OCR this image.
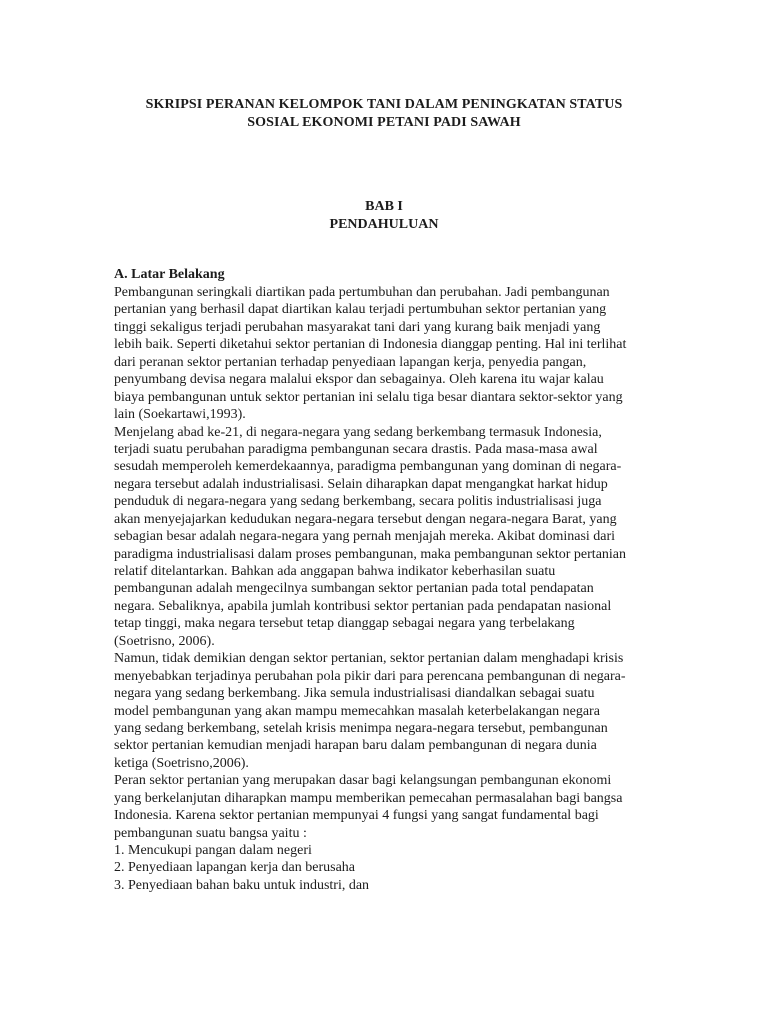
SKRIPSI PERANAN KELOMPOK TANI DALAM PENINGKATAN STATUS
SOSIAL EKONOMI PETANI PADI SAWAH
BAB I
PENDAHULUAN
A. Latar Belakang
Pembangunan seringkali diartikan pada pertumbuhan dan perubahan. Jadi pembangunan
pertanian yang berhasil dapat diartikan kalau terjadi pertumbuhan sektor pertanian yang
tinggi sekaligus terjadi perubahan masyarakat tani dari yang kurang baik menjadi yang
lebih baik. Seperti diketahui sektor pertanian di Indonesia dianggap penting. Hal ini terlihat
dari peranan sektor pertanian terhadap penyediaan lapangan kerja, penyedia pangan,
penyumbang devisa negara malalui ekspor dan sebagainya. Oleh karena itu wajar kalau
biaya pembangunan untuk sektor pertanian ini selalu tiga besar diantara sektor-sektor yang
lain (Soekartawi,1993).
Menjelang abad ke-21, di negara-negara yang sedang berkembang termasuk Indonesia,
terjadi suatu perubahan paradigma pembangunan secara drastis. Pada masa-masa awal
sesudah memperoleh kemerdekaannya, paradigma pembangunan yang dominan di negara-
negara tersebut adalah industrialisasi. Selain diharapkan dapat mengangkat harkat hidup
penduduk di negara-negara yang sedang berkembang, secara politis industrialisasi juga
akan menyejajarkan kedudukan negara-negara tersebut dengan negara-negara Barat, yang
sebagian besar adalah negara-negara yang pernah menjajah mereka. Akibat dominasi dari
paradigma industrialisasi dalam proses pembangunan, maka pembangunan sektor pertanian
relatif ditelantarkan. Bahkan ada anggapan bahwa indikator keberhasilan suatu
pembangunan adalah mengecilnya sumbangan sektor pertanian pada total pendapatan
negara. Sebaliknya, apabila jumlah kontribusi sektor pertanian pada pendapatan nasional
tetap tinggi, maka negara tersebut tetap dianggap sebagai negara yang terbelakang
(Soetrisno, 2006).
Namun, tidak demikian dengan sektor pertanian, sektor pertanian dalam menghadapi krisis
menyebabkan terjadinya perubahan pola pikir dari para perencana pembangunan di negara-
negara yang sedang berkembang. Jika semula industrialisasi diandalkan sebagai suatu
model pembangunan yang akan mampu memecahkan masalah keterbelakangan negara
yang sedang berkembang, setelah krisis menimpa negara-negara tersebut, pembangunan
sektor pertanian kemudian menjadi harapan baru dalam pembangunan di negara dunia
ketiga (Soetrisno,2006).
Peran sektor pertanian yang merupakan dasar bagi kelangsungan pembangunan ekonomi
yang berkelanjutan diharapkan mampu memberikan pemecahan permasalahan bagi bangsa
Indonesia. Karena sektor pertanian mempunyai 4 fungsi yang sangat fundamental bagi
pembangunan suatu bangsa yaitu :
1. Mencukupi pangan dalam negeri
2. Penyediaan lapangan kerja dan berusaha
3. Penyediaan bahan baku untuk industri, dan
